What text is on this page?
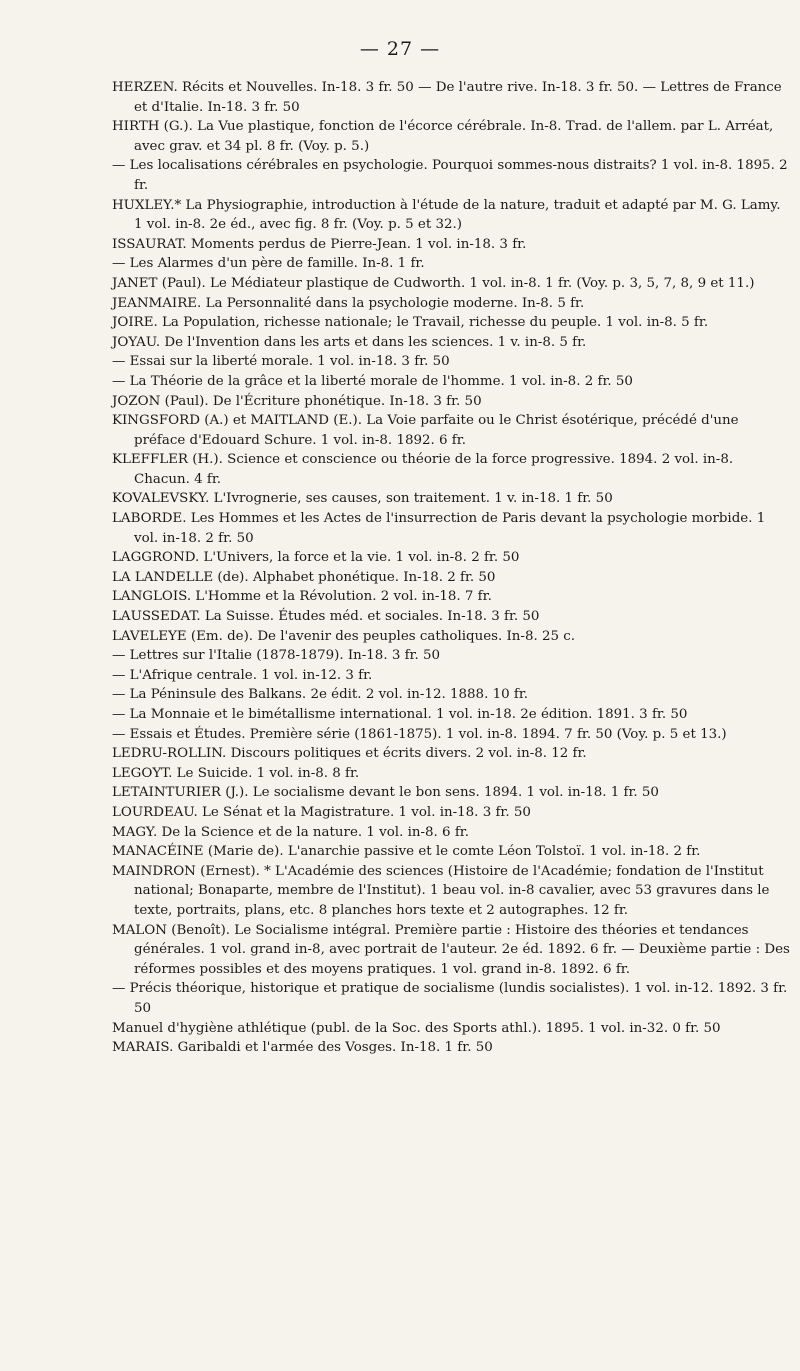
— 27 —

HERZEN. Récits et Nouvelles. In-18. 3 fr. 50 — De l'autre rive. In-18. 3 fr. 50. — Lettres de France et d'Italie. In-18. 3 fr. 50

HIRTH (G.). La Vue plastique, fonction de l'écorce cérébrale. In-8. Trad. de l'allem. par L. Arréat, avec grav. et 34 pl. 8 fr. (Voy. p. 5.)

— Les localisations cérébrales en psychologie. Pourquoi sommes-nous distraits? 1 vol. in-8. 1895. 2 fr.

HUXLEY.* La Physiographie, introduction à l'étude de la nature, traduit et adapté par M. G. Lamy. 1 vol. in-8. 2e éd., avec fig. 8 fr. (Voy. p. 5 et 32.)

ISSAURAT. Moments perdus de Pierre-Jean. 1 vol. in-18. 3 fr.

— Les Alarmes d'un père de famille. In-8. 1 fr.

JANET (Paul). Le Médiateur plastique de Cudworth. 1 vol. in-8. 1 fr. (Voy. p. 3, 5, 7, 8, 9 et 11.)

JEANMAIRE. La Personnalité dans la psychologie moderne. In-8. 5 fr.

JOIRE. La Population, richesse nationale; le Travail, richesse du peuple. 1 vol. in-8. 5 fr.

JOYAU. De l'Invention dans les arts et dans les sciences. 1 v. in-8. 5 fr.

— Essai sur la liberté morale. 1 vol. in-18. 3 fr. 50

— La Théorie de la grâce et la liberté morale de l'homme. 1 vol. in-8. 2 fr. 50

JOZON (Paul). De l'Écriture phonétique. In-18. 3 fr. 50

KINGSFORD (A.) et MAITLAND (E.). La Voie parfaite ou le Christ ésotérique, précédé d'une préface d'Edouard Schure. 1 vol. in-8. 1892. 6 fr.

KLEFFLER (H.). Science et conscience ou théorie de la force progressive. 1894. 2 vol. in-8. Chacun. 4 fr.

KOVALEVSKY. L'Ivrognerie, ses causes, son traitement. 1 v. in-18. 1 fr. 50

LABORDE. Les Hommes et les Actes de l'insurrection de Paris devant la psychologie morbide. 1 vol. in-18. 2 fr. 50

LAGGROND. L'Univers, la force et la vie. 1 vol. in-8. 2 fr. 50

LA LANDELLE (de). Alphabet phonétique. In-18. 2 fr. 50

LANGLOIS. L'Homme et la Révolution. 2 vol. in-18. 7 fr.

LAUSSEDAT. La Suisse. Études méd. et sociales. In-18. 3 fr. 50

LAVELEYE (Em. de). De l'avenir des peuples catholiques. In-8. 25 c.

— Lettres sur l'Italie (1878-1879). In-18. 3 fr. 50

— L'Afrique centrale. 1 vol. in-12. 3 fr.

— La Péninsule des Balkans. 2e édit. 2 vol. in-12. 1888. 10 fr.

— La Monnaie et le bimétallisme international. 1 vol. in-18. 2e édition. 1891. 3 fr. 50

— Essais et Études. Première série (1861-1875). 1 vol. in-8. 1894. 7 fr. 50 (Voy. p. 5 et 13.)

LEDRU-ROLLIN. Discours politiques et écrits divers. 2 vol. in-8. 12 fr.

LEGOYT. Le Suicide. 1 vol. in-8. 8 fr.

LETAINTURIER (J.). Le socialisme devant le bon sens. 1894. 1 vol. in-18. 1 fr. 50

LOURDEAU. Le Sénat et la Magistrature. 1 vol. in-18. 3 fr. 50

MAGY. De la Science et de la nature. 1 vol. in-8. 6 fr.

MANACÉINE (Marie de). L'anarchie passive et le comte Léon Tolstoï. 1 vol. in-18. 2 fr.

MAINDRON (Ernest). * L'Académie des sciences (Histoire de l'Académie; fondation de l'Institut national; Bonaparte, membre de l'Institut). 1 beau vol. in-8 cavalier, avec 53 gravures dans le texte, portraits, plans, etc. 8 planches hors texte et 2 autographes. 12 fr.

MALON (Benoît). Le Socialisme intégral. Première partie : Histoire des théories et tendances générales. 1 vol. grand in-8, avec portrait de l'auteur. 2e éd. 1892. 6 fr. — Deuxième partie : Des réformes possibles et des moyens pratiques. 1 vol. grand in-8. 1892. 6 fr.

— Précis théorique, historique et pratique de socialisme (lundis socialistes). 1 vol. in-12. 1892. 3 fr. 50

Manuel d'hygiène athlétique (publ. de la Soc. des Sports athl.). 1895. 1 vol. in-32. 0 fr. 50

MARAIS. Garibaldi et l'armée des Vosges. In-18. 1 fr. 50
